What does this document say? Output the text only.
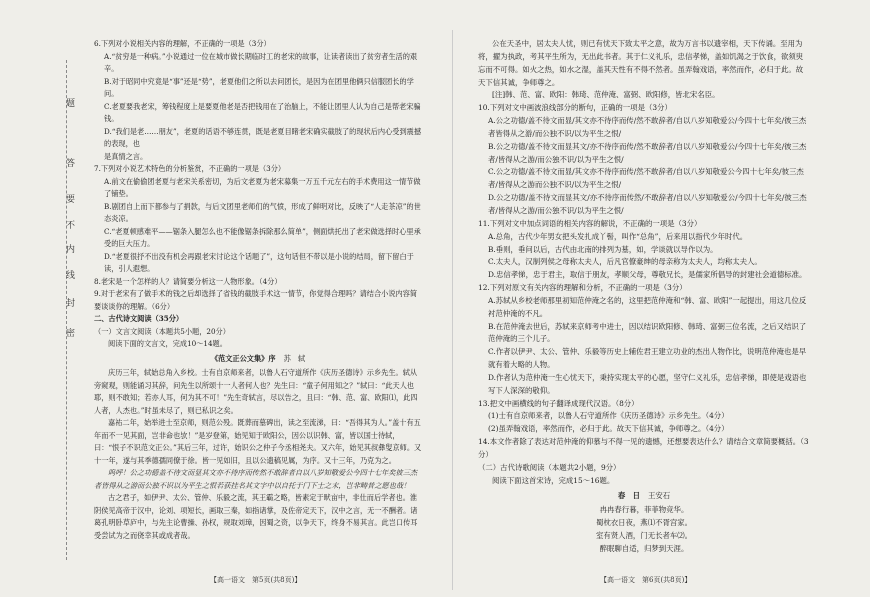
密
封
线
内
不
要
答
题

6.下列对小说相关内容的理解，不正确的一项是（3分）

A.“贫穷是一种病。”小说通过一位在城市做长期临时工的老宋的故事，让读者读出了贫穷者生活的艰辛。

B.对于昭同中究竟是“事”还是“势”，老夏他们之所以去问团长，是因为在团里他俩只信服团长的学问。

C.老夏要我老宋，筹钱程度上是要夏他老是否把钱用在了治脑上，不能让团里人认为自己是帮老宋骗钱。

D.“我们是老……朋友”，老夏的话语不够连贯，既是老夏目睹老宋确实截肢了的现状后内心受到震撼的表现，也

是真情之言。

7.下列对小说艺术特色的分析鉴赏，不正确的一项是（3分）

A.前文在偷偷团老夏与老宋关系密切，为后文老夏为老宋募集一万五千元左右的手术费用这一情节做了铺垫。

B.剧团自上而下都参与了捐款，与后文团里老师们的气愤，形成了鲜明对比，反映了“人走茶凉”的世态炎凉。

C.“老夏顿感难平——锯条入腿怎么也不能像锯条拆除那么简单”，侧面烘托出了老宋做选择时心里承受的巨大压力。

D.“老夏很抒不出没有机会再跟老宋讨论这个话题了”，这句话但不带以是小说的结局，留下留白于读，引人遐想。

8.老宋是一个怎样的人？请简要分析这一人物形象。（4分）

9.对于老宋有了做手术的钱之后却选择了省钱的截肢手术这一情节，你觉得合理吗？请结合小说内容简要谈谈你的理解。（6分）

二、古代诗文阅读（35分）

（一）文言文阅读（本题共5小题，20分）

阅读下面的文言文，完成10～14题。

《范文正公文集》序 苏　轼

庆历三年，轼始总角入乡校。士有自京师来者，以鲁人石守道所作《庆历圣德诗》示乡先生。轼从旁窥观，则能诵习其辞，问先生以所颂十一人者何人也？先生曰：“童子何用知之？”轼曰：“此天人也耶，则不敢知；若亦人耳，何为其不可！”先生奇轼言，尽以告之，且曰：“韩、范、富、欧阳⑴，此四人者，人杰也。”时虽未尽了，则已私识之矣。

嘉祐二年，始举进士至京师，则范公殁。既葬而墓碑出，读之至流涕，曰：“吾得其为人。”盖十有五年而不一见其面，岂非命也欤！”是岁登第，始见知于欧阳公，因公以识韩、富，皆以国士待轼，曰：“恨子不识范文正公。”其后三年，过许，始识公之仲子今丞相尧夫。又六年，始见其叔彝叟京师。又十一年，遂与其季德孺同僚于徐。皆一见如旧，且以公遗稿见属，为序。又十三年，乃克为之。

呜呼！公之功德盖不待文而显其文亦不待序而传然不敢辞者自以八岁知敬爱公今四十七年矣彼三杰者皆得从之游而公独不识以为平生之恨若获挂名其文字中以自托于门下士之末，岂非畴昔之愿也哉！

古之君子，如伊尹、太公、管仲、乐毅之流，其王霸之略，皆素定于畎亩中，非仕而后学者也。淮阴侯见高帝于汉中，论刘、项短长，画取三秦，如指诸掌，及佐帝定天下，汉中之言，无一不酬者。诸葛孔明卧草庐中，与先主论曹操、孙权，规取刘璋，因蜀之资，以争天下，终身不易其言。此岂口传耳受尝试为之而侥幸其或成者哉。

公在天圣中，居太夫人忧，则已有忧天下致太平之意，故为万言书以遗宰相，天下传诵。至用为将，擢为执政，考其平生所为，无出此书者。其于仁义礼乐，忠信孝悌，盖如饥渴之于饮食，欲须臾忘而不可得。如火之热，如水之湿，盖其天性有不得不然者。虽弄翰戏语，率然而作，必归于此。故天下信其诚，争师尊之。

[注]韩、范、富、欧阳：韩琦、范仲淹、富弼、欧阳修，皆北宋名臣。

10.下列对文中画波浪线部分的断句，正确的一项是（3分）

A.公之功德/盖不待文而显/其文亦不待序而传/然不敢辞者/自以八岁知敬爱公/今四十七年矣/彼三杰者皆得从之游/而公独不识/以为平生之恨/

B.公之功德/盖不待文而显其文/亦不待序而传/然不敢辞者/自以八岁知敬爱公/今四十七年矣/彼三杰者/皆得从之游/而公独不识/以为平生之恨/

C.公之功德/盖不待文而显/其文亦不待序而传/然不敢辞者/自以八岁知敬爱公今四十七年矣/彼三杰者/皆得从之游而公独不识/以为平生之恨/

D.公之功德/盖不待文而显其文/亦不待序而传然/不敢辞者/自以八岁知敬爱公/今四十七年矣/彼三杰者/皆得从之游/而公独不识/以为平生之恨/

11.下列对文中加点词语的相关内容的解说，不正确的一项是（3分）

A.总角，古代少年男女把头发扎成丫髻，叫作“总角”，后来用以指代少年时代。

B.垂则，垂问以后，古代由北南的排列为墓，如，学谈就以导作以为。

C.太夫人，汉制列侯之母称太夫人，后凡官僚豪绅的母亲称为太夫人，均称太夫人。

D.忠信孝悌，忠于君主，取信于朋友，孝顺父母，尊敬兄长，是儒家所倡导的封建社会道德标准。

12.下列对原文有关内容的理解和分析，不正确的一项是（3分）

A.苏轼从乡校老师那里初知范仲淹之名的，这里把范仲淹和“韩、富、欧阳”一起提出，用这几位反衬范仲淹的不凡。

B.在范仲淹去世后，苏轼来京师考中进士，因以结识欧阳修、韩琦、富弼三位名流，之后又结识了范仲淹的三个儿子。

C.作者以伊尹、太公、管仲、乐毅等历史上辅佐君王建立功业的杰出人物作比，说明范仲淹也是早就有着大略的人物。

D.作者认为范仲淹一生心忧天下，秉持实现太平的心愿，坚守仁义礼乐，忠信孝悌，即使是戏语也写下人深深的敬仰。

13.把文中画横线的句子翻译成现代汉语。（8分）

(1)士有自京师来者，以鲁人石守道所作《庆历圣德诗》示乡先生。（4分）

(2)虽弄翰戏语，率然而作，必归于此。故天下信其诚，争师尊之。（4分）

14.本文作者除了表达对范仲淹的仰慕与不得一见的遗憾，还想要表达什么？请结合文章简要概括。（3分）

（二）古代诗歌阅读（本题共2小题，9分）

阅读下面这首宋诗，完成15～16题。

春　日 王安石

冉冉春行暮，菲菲物竞华。

蜀枕衣日夜，燕⑴不胥宫家。

室有贤人酒，门无长者车⑵。

醉眠聊自适，归梦到天涯。

【高一语文　第5页(共8页)】	【高一语文　第6页(共8页)】
